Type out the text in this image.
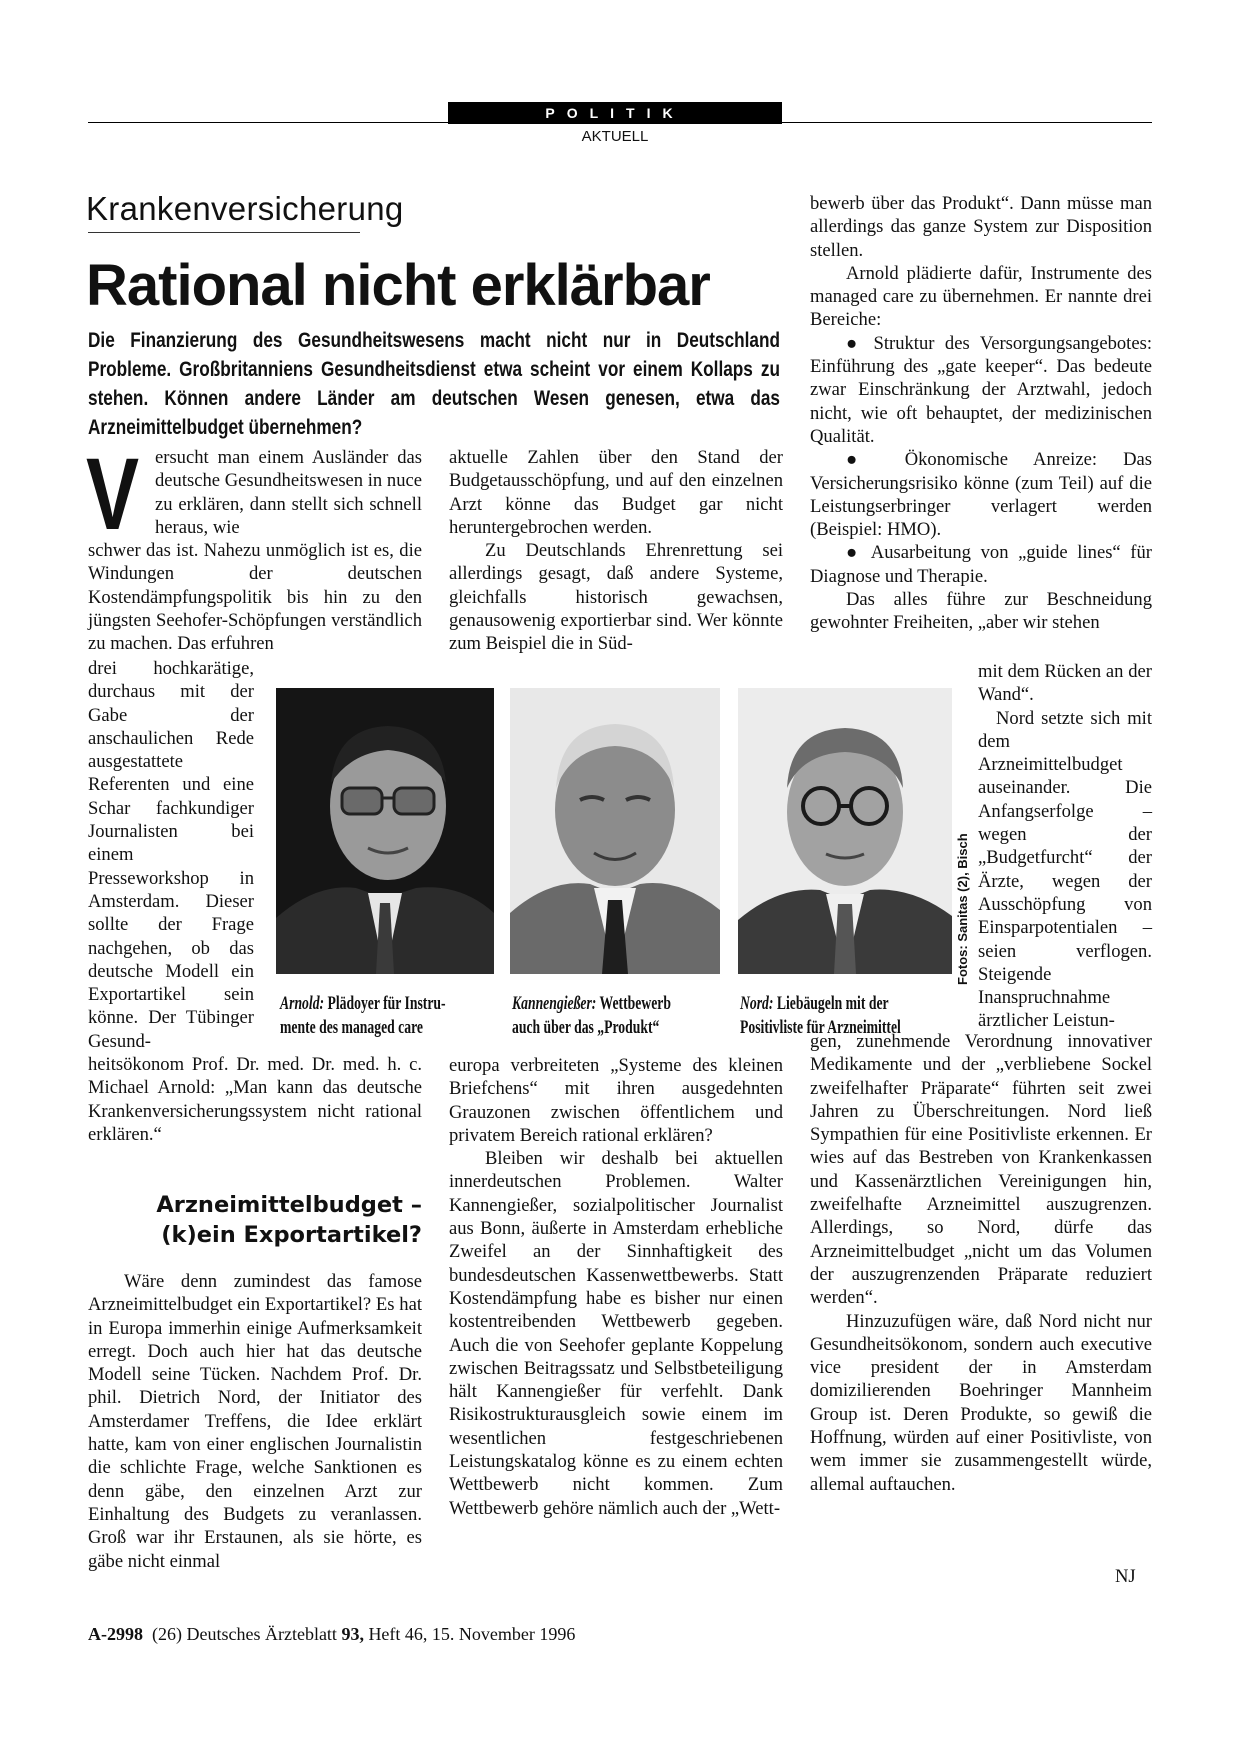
POLITIK
AKTUELL
Krankenversicherung
Rational nicht erklärbar
Die Finanzierung des Gesundheitswesens macht nicht nur in Deutschland Probleme. Großbritanniens Gesundheitsdienst etwa scheint vor einem Kollaps zu stehen. Können andere Länder am deutschen Wesen genesen, etwa das Arzneimittelbudget übernehmen?
V ersucht man einem Ausländer das deutsche Gesundheitswesen in nuce zu erklären, dann stellt sich schnell heraus, wie
schwer das ist. Nahezu unmöglich ist es, die Windungen der deutschen Kostendämpfungspolitik bis hin zu den jüngsten Seehofer-Schöpfungen verständlich zu machen. Das erfuhren
drei hochkarätige, durchaus mit der Gabe der anschaulichen Rede ausgestattete Referenten und eine Schar fachkundiger Journalisten bei einem Presseworkshop in Amsterdam. Dieser sollte der Frage nachgehen, ob das deutsche Modell ein Exportartikel sein könne. Der Tübinger Gesund-
heitsökonom Prof. Dr. med. Dr. med. h. c. Michael Arnold: „Man kann das deutsche Krankenversicherungssystem nicht rational erklären.“
Arzneimittelbudget –
(k)ein Exportartikel?

Wäre denn zumindest das famose Arzneimittelbudget ein Exportartikel? Es hat in Europa immerhin einige Aufmerksamkeit erregt. Doch auch hier hat das deutsche Modell seine Tücken. Nachdem Prof. Dr. phil. Dietrich Nord, der Initiator des Amsterdamer Treffens, die Idee erklärt hatte, kam von einer englischen Journalistin die schlichte Frage, welche Sanktionen es denn gäbe, den einzelnen Arzt zur Einhaltung des Budgets zu veranlassen. Groß war ihr Erstaunen, als sie hörte, es gäbe nicht einmal

aktuelle Zahlen über den Stand der Budgetausschöpfung, und auf den einzelnen Arzt könne das Budget gar nicht heruntergebrochen werden.

Zu Deutschlands Ehrenrettung sei allerdings gesagt, daß andere Systeme, gleichfalls historisch gewachsen, genausowenig exportierbar sind. Wer könnte zum Beispiel die in Süd-

europa verbreiteten „Systeme des kleinen Briefchens“ mit ihren ausgedehnten Grauzonen zwischen öffentlichem und privatem Bereich rational erklären?

Bleiben wir deshalb bei aktuellen innerdeutschen Problemen. Walter Kannengießer, sozialpolitischer Journalist aus Bonn, äußerte in Amsterdam erhebliche Zweifel an der Sinnhaftigkeit des bundesdeutschen Kassenwettbewerbs. Statt Kostendämpfung habe es bisher nur einen kostentreibenden Wettbewerb gegeben. Auch die von Seehofer geplante Koppelung zwischen Beitragssatz und Selbstbeteiligung hält Kannengießer für verfehlt. Dank Risikostrukturausgleich sowie einem im wesentlichen festgeschriebenen Leistungskatalog könne es zu einem echten Wettbewerb nicht kommen. Zum Wettbewerb gehöre nämlich auch der „Wett-

bewerb über das Produkt“. Dann müsse man allerdings das ganze System zur Disposition stellen.

Arnold plädierte dafür, Instrumente des managed care zu übernehmen. Er nannte drei Bereiche:

● Struktur des Versorgungsangebotes: Einführung des „gate keeper“. Das bedeute zwar Einschränkung der Arztwahl, jedoch nicht, wie oft behauptet, der medizinischen Qualität.

● Ökonomische Anreize: Das Versicherungsrisiko könne (zum Teil) auf die Leistungserbringer verlagert werden (Beispiel: HMO).

● Ausarbeitung von „guide lines“ für Diagnose und Therapie.

Das alles führe zur Beschneidung gewohnter Freiheiten, „aber wir stehen

mit dem Rücken an der Wand“.

Nord setzte sich mit dem Arzneimittelbudget auseinander. Die Anfangserfolge – wegen der „Budgetfurcht“ der Ärzte, wegen der Ausschöpfung von Einsparpotentialen – seien verflogen. Steigende Inanspruchnahme ärztlicher Leistun-

gen, zunehmende Verordnung innovativer Medikamente und der „verbliebene Sockel zweifelhafter Präparate“ führten seit zwei Jahren zu Überschreitungen. Nord ließ Sympathien für eine Positivliste erkennen. Er wies auf das Bestreben von Krankenkassen und Kassenärztlichen Vereinigungen hin, zweifelhafte Arzneimittel auszugrenzen. Allerdings, so Nord, dürfe das Arzneimittelbudget „nicht um das Volumen der auszugrenzenden Präparate reduziert werden“.

Hinzuzufügen wäre, daß Nord nicht nur Gesundheitsökonom, sondern auch executive vice president der in Amsterdam domizilierenden Boehringer Mannheim Group ist. Deren Produkte, so gewiß die Hoffnung, würden auf einer Positivliste, von wem immer sie zusammengestellt würde, allemal auftauchen.

NJ
Arnold: Plädoyer für Instru-
mente des managed care
Kannengießer: Wettbewerb
auch über das „Produkt“
Nord: Liebäugeln mit der
Positivliste für Arzneimittel
Fotos: Sanitas (2), Bisch
A-2998  (26) Deutsches Ärzteblatt 93, Heft 46, 15. November 1996
